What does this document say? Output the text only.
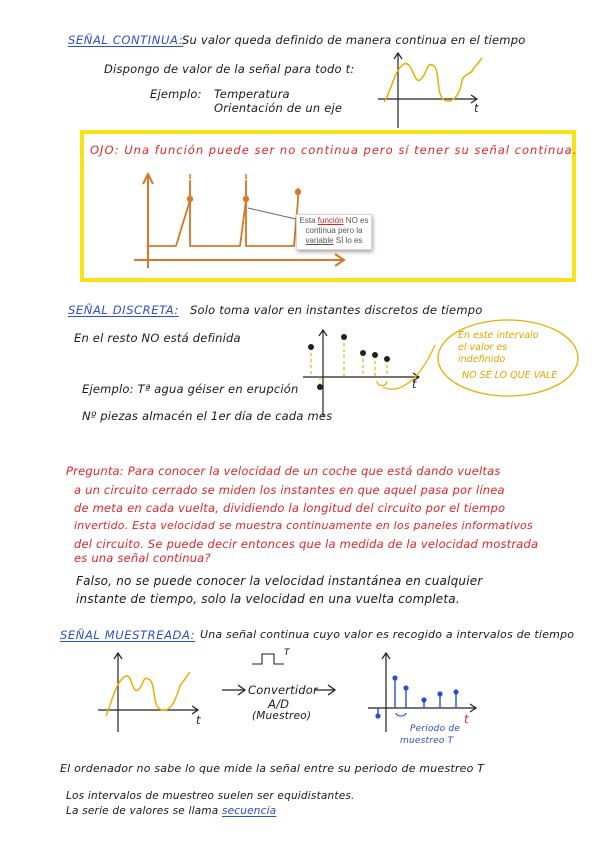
SEÑAL CONTINUA:
Su valor queda definido de manera continua en el tiempo
Dispongo de valor de la señal para todo t:
Ejemplo: Temperatura
Orientación de un eje	t
OJO: Una función puede ser no continua pero sí tener su señal continua.
Esta función NO es continua pero la variable SÍ lo es
SEÑAL DISCRETA: Solo toma valor en instantes discretos de tiempo
En el resto NO está definida
Ejemplo: Tª agua géiser en erupción
Nº piezas almacén el 1er día de cada mes
t
En este intervalo
el valor es
indefinido
NO SÉ LO QUE VALE
Pregunta: Para conocer la velocidad de un coche que está dando vueltas
a un circuito cerrado se miden los instantes en que aquel pasa por línea
de meta en cada vuelta, dividiendo la longitud del circuito por el tiempo
invertido. Esta velocidad se muestra continuamente en los paneles informativos
del circuito. Se puede decir entonces que la medida de la velocidad mostrada
es una señal continua?
Falso, no se puede conocer la velocidad instantánea en cualquier
instante de tiempo, solo la velocidad en una vuelta completa.
SEÑAL MUESTREADA: Una señal continua cuyo valor es recogido a intervalos de tiempo
t
T
Convertidor
A/D
(Muestreo)	t
Periodo de
muestreo T
El ordenador no sabe lo que mide la señal entre su periodo de muestreo T
Los intervalos de muestreo suelen ser equidistantes.
La serie de valores se llama secuencia
